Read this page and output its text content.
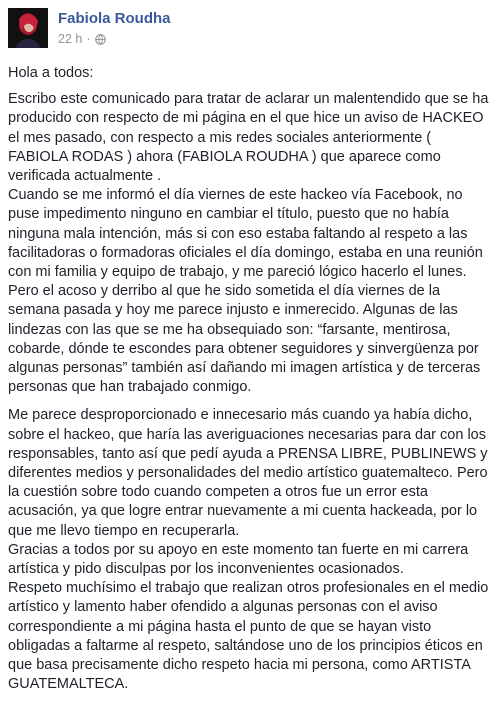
Fabiola Roudha
22 h ·
Hola a todos:
Escribo este comunicado para tratar de aclarar un malentendido que se ha
producido con respecto de mi página en el que hice un aviso de HACKEO
el mes pasado, con respecto a mis redes sociales anteriormente (
FABIOLA RODAS ) ahora (FABIOLA ROUDHA ) que aparece como
verificada actualmente .
Cuando se me informó el día viernes de este hackeo vía Facebook, no
puse impedimento ninguno en cambiar el título, puesto que no había
ninguna mala intención, más si con eso estaba faltando al respeto a las
facilitadoras o formadoras oficiales el día domingo, estaba en una reunión
con mi familia y equipo de trabajo, y me pareció lógico hacerlo el lunes.
Pero el acoso y derribo al que he sido sometida el día viernes de la
semana pasada y hoy me parece injusto e inmerecido. Algunas de las
lindezas con las que se me ha obsequiado son: “farsante, mentirosa,
cobarde, dónde te escondes para obtener seguidores y sinvergüenza por
algunas personas” también así dañando mi imagen artística y de terceras
personas que han trabajado conmigo.
Me parece desproporcionado e innecesario más cuando ya había dicho,
sobre el hackeo, que haría las averiguaciones necesarias para dar con los
responsables, tanto así que pedí ayuda a PRENSA LIBRE, PUBLINEWS y
diferentes medios y personalidades del medio artístico guatemalteco. Pero
la cuestión sobre todo cuando competen a otros fue un error esta
acusación, ya que logre entrar nuevamente a mi cuenta hackeada, por lo
que me llevo tiempo en recuperarla.
Gracias a todos por su apoyo en este momento tan fuerte en mi carrera
artística y pido disculpas por los inconvenientes ocasionados.
Respeto muchísimo el trabajo que realizan otros profesionales en el medio
artístico y lamento haber ofendido a algunas personas con el aviso
correspondiente a mi página hasta el punto de que se hayan visto
obligadas a faltarme al respeto, saltándose uno de los principios éticos en
que basa precisamente dicho respeto hacia mi persona, como ARTISTA
GUATEMALTECA.
